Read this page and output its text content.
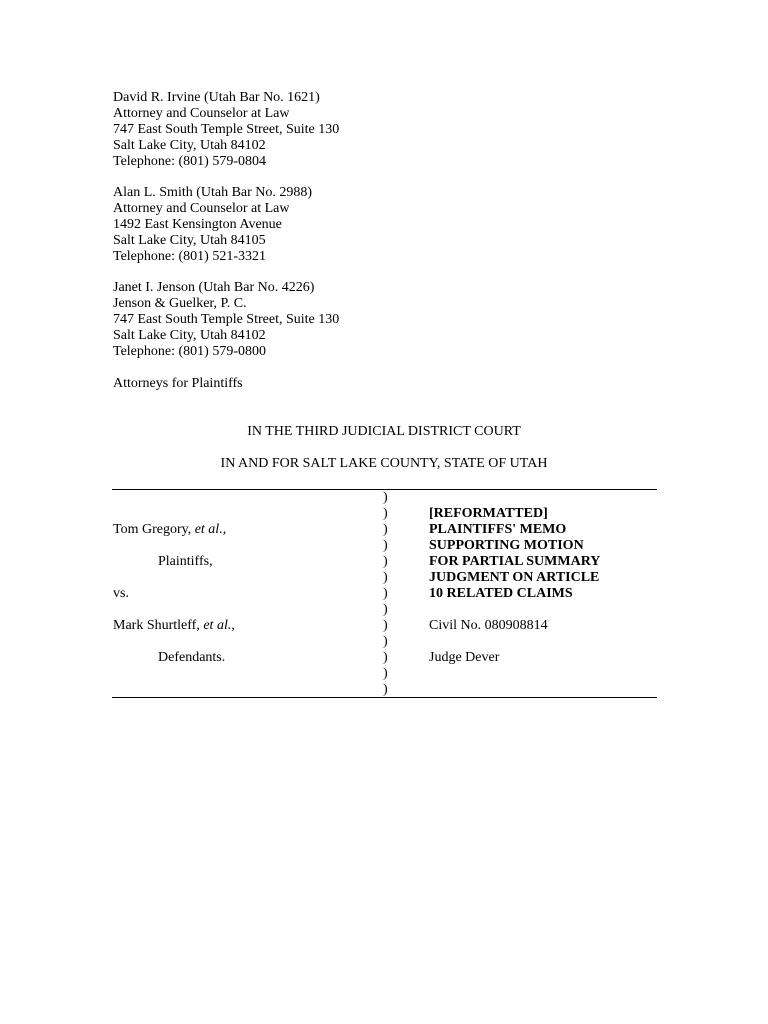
David R. Irvine (Utah Bar No. 1621)
Attorney and Counselor at Law
747 East South Temple Street, Suite 130
Salt Lake City, Utah 84102
Telephone: (801) 579-0804
Alan L. Smith (Utah Bar No. 2988)
Attorney and Counselor at Law
1492 East Kensington Avenue
Salt Lake City, Utah 84105
Telephone: (801) 521-3321
Janet I. Jenson (Utah Bar No. 4226)
Jenson & Guelker, P. C.
747 East South Temple Street, Suite 130
Salt Lake City, Utah 84102
Telephone: (801) 579-0800
Attorneys for Plaintiffs
IN THE THIRD JUDICIAL DISTRICT COURT
IN AND FOR SALT LAKE COUNTY, STATE OF UTAH
)
)
)
)
)
)
)
)
)
)
)
)
)
Tom Gregory, et al.,
Plaintiffs,
vs.
Mark Shurtleff, et al.,
Defendants.
[REFORMATTED]
PLAINTIFFS' MEMO
SUPPORTING MOTION
FOR PARTIAL SUMMARY
JUDGMENT ON ARTICLE
10 RELATED CLAIMS
Civil No. 080908814
Judge Dever
